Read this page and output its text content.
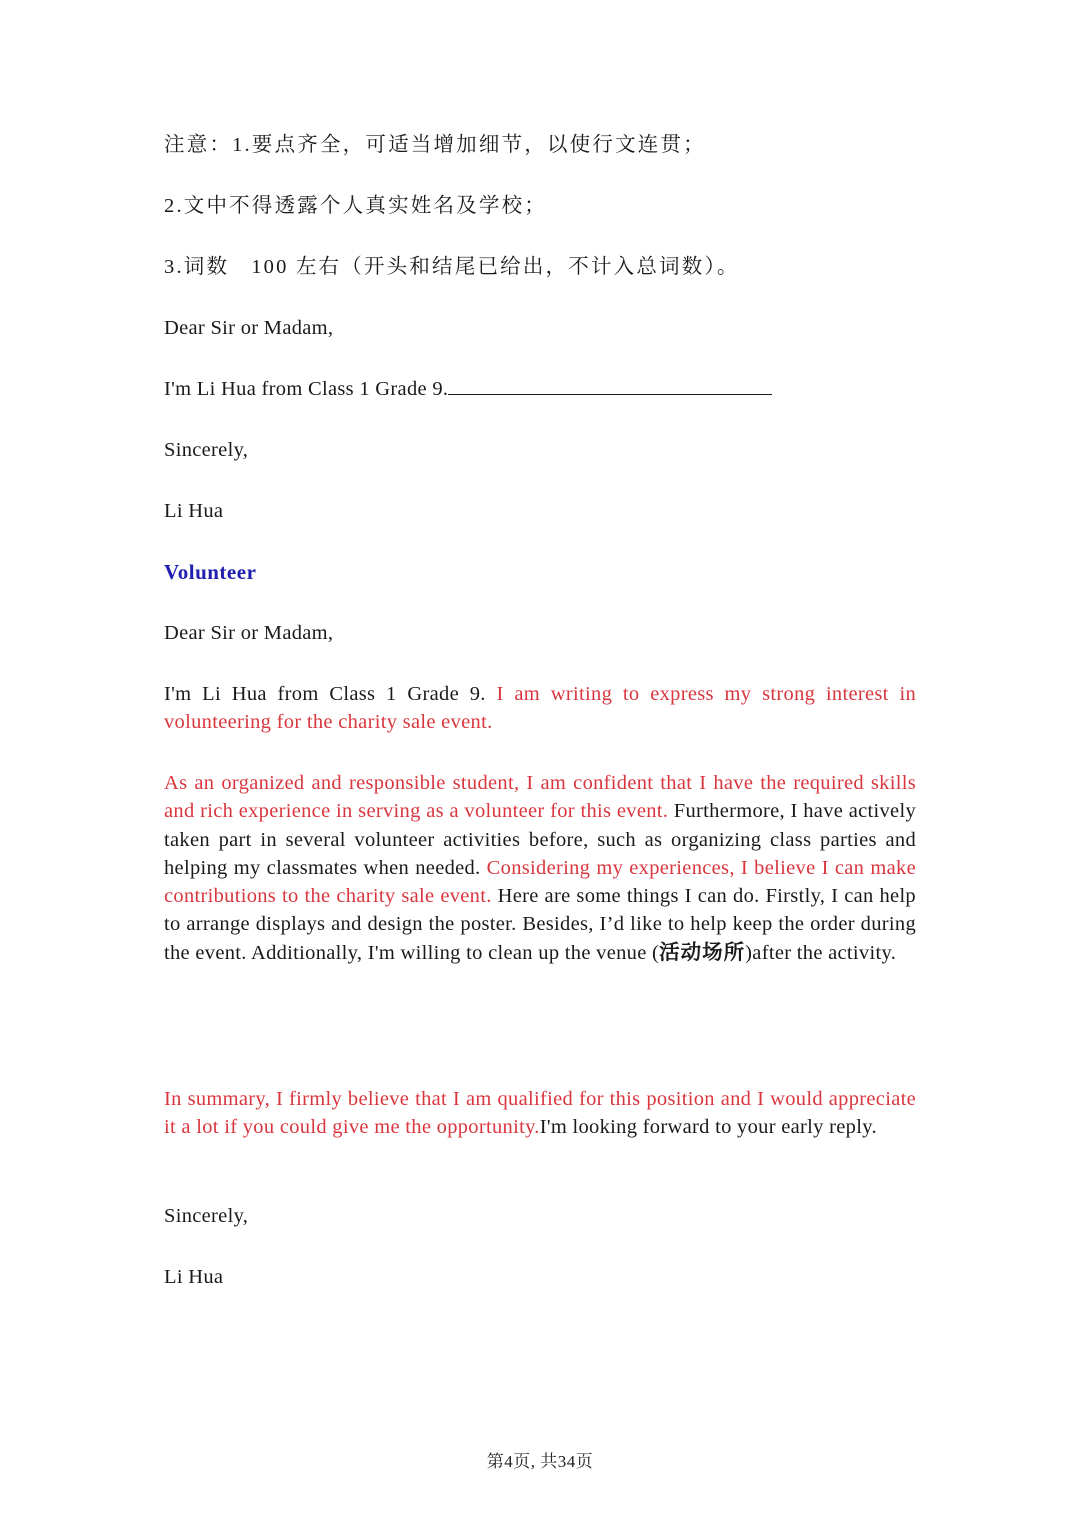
注意：1.要点齐全，可适当增加细节，以使行文连贯；
2.文中不得透露个人真实姓名及学校；
3.词数 100 左右（开头和结尾已给出，不计入总词数）。
Dear Sir or Madam,
I'm Li Hua from Class 1 Grade 9.
Sincerely,
Li Hua
Volunteer
Dear Sir or Madam,
I'm Li Hua from Class 1 Grade 9. I am writing to express my strong interest in volunteering for the charity sale event.
As an organized and responsible student, I am confident that I have the required skills and rich experience in serving as a volunteer for this event. Furthermore, I have actively taken part in several volunteer activities before, such as organizing class parties and helping my classmates when needed. Considering my experiences, I believe I can make contributions to the charity sale event. Here are some things I can do. Firstly, I can help to arrange displays and design the poster. Besides, I’d like to help keep the order during the event. Additionally, I'm willing to clean up the venue (活动场所)after the activity.
In summary, I firmly believe that I am qualified for this position and I would appreciate it a lot if you could give me the opportunity.I'm looking forward to your early reply.
Sincerely,
Li Hua
第4页, 共34页
